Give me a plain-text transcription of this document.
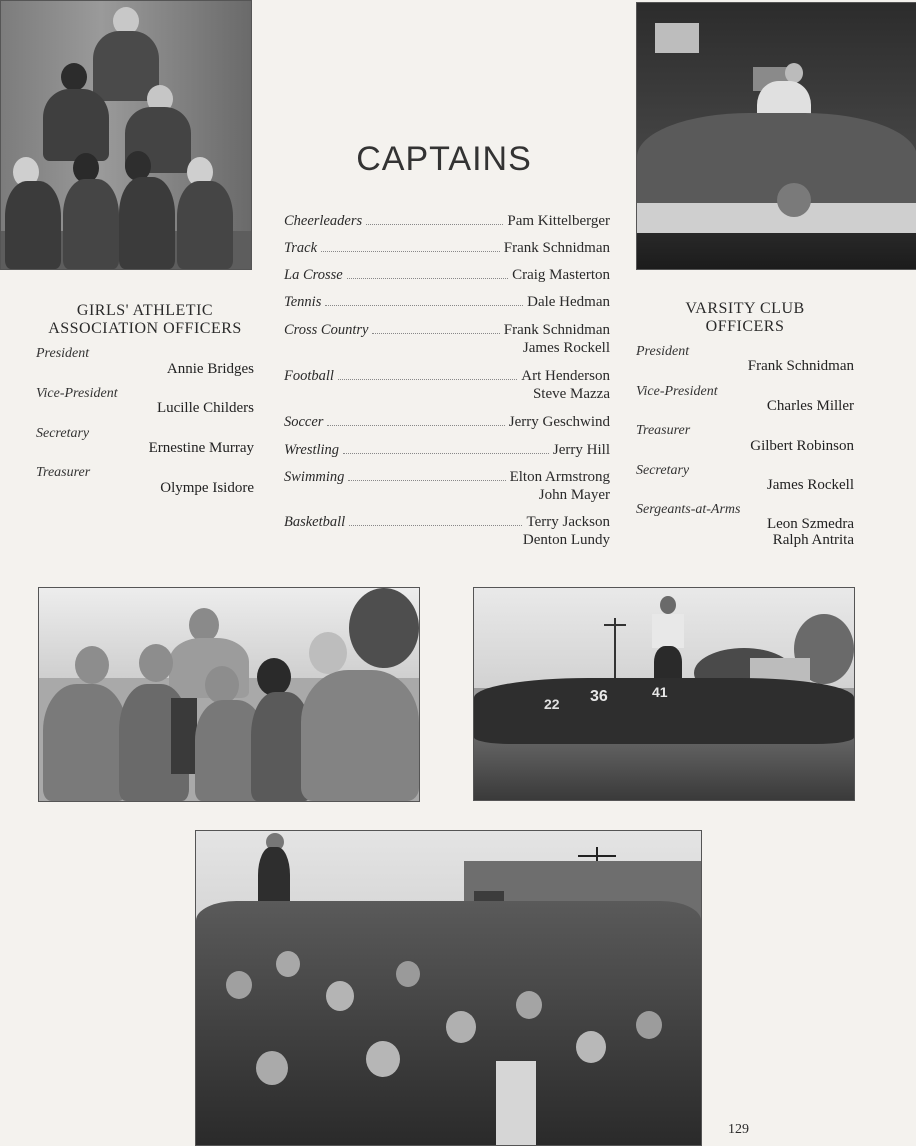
CAPTAINS
GIRLS' ATHLETIC
ASSOCIATION OFFICERS
President
Annie Bridges
Vice-President
Lucille Childers
Secretary
Ernestine Murray
Treasurer
Olympe Isidore
Cheerleaders	Pam Kittelberger
Track	Frank Schnidman
La Crosse	Craig Masterton
Tennis	Dale Hedman
Cross Country	Frank Schnidman
James Rockell
Football	Art Henderson
Steve Mazza
Soccer	Jerry Geschwind
Wrestling	Jerry Hill
Swimming	Elton Armstrong
John Mayer
Basketball	Terry Jackson
Denton Lundy
VARSITY CLUB
OFFICERS
President
Frank Schnidman
Vice-President
Charles Miller
Treasurer
Gilbert Robinson
Secretary
James Rockell
Sergeants-at-Arms
Leon Szmedra
Ralph Antrita
22 36	41
129
